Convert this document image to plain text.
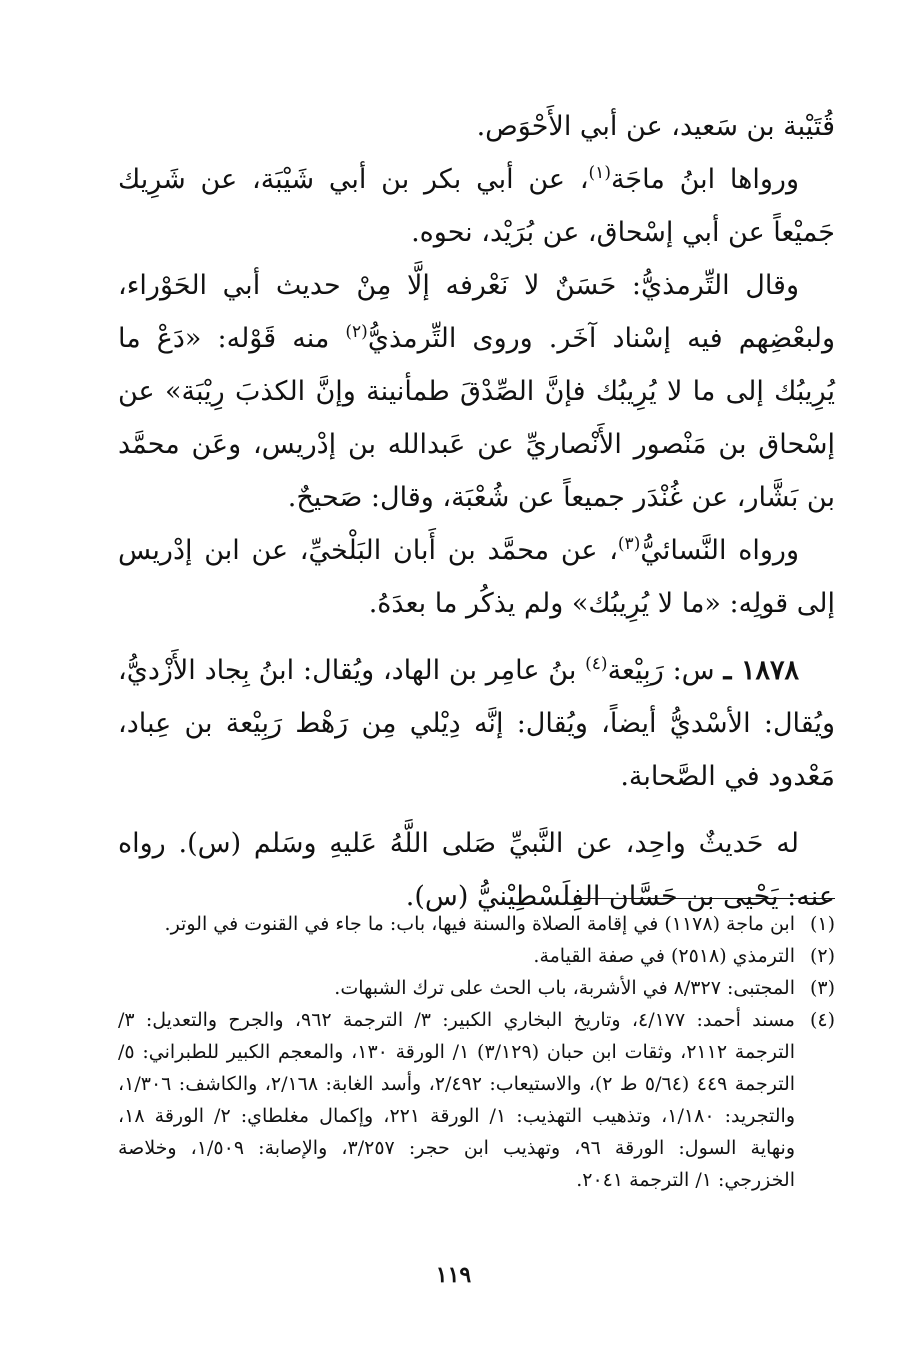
قُتَيْبة بن سَعيد، عن أبي الأَحْوَص.

ورواها ابنُ ماجَة$^{(١)}$، عن أبي بكر بن أبي شَيْبَة، عن شَرِيك جَميْعاً عن أبي إسْحاق، عن بُرَيْد، نحوه.

وقال التِّرمذيُّ: حَسَنٌ لا نَعْرفه إلَّا مِنْ حديث أبي الحَوْراء، ولبعْضِهم فيه إسْناد آخَر. وروى التِّرمذيُّ$^{(٢)}$ منه قَوْله: «دَعْ ما يُرِيبُك إلى ما لا يُرِيبُك فإنَّ الصِّدْقَ طمأنينة وإنَّ الكذبَ رِيْبَة» عن إسْحاق بن مَنْصور الأَنْصاريِّ عن عَبدالله بن إدْريس، وعَن محمَّد بن بَشَّار، عن غُنْدَر جميعاً عن شُعْبَة، وقال: صَحيحٌ.

ورواه النَّسائيُّ$^{(٣)}$، عن محمَّد بن أَبان البَلْخيِّ، عن ابن إدْريس إلى قولِه: «ما لا يُرِيبُك» ولم يذكُر ما بعدَهُ.

١٨٧٨ ـ س: رَبِيْعة$^{(٤)}$ بنُ عامِر بن الهاد، ويُقال: ابنُ بِجاد الأَزْديُّ، ويُقال: الأسْديُّ أيضاً، ويُقال: إنَّه دِيْلي مِن رَهْط رَبِيْعة بن عِباد، مَعْدود في الصَّحابة.

له حَديثٌ واحِد، عن النَّبيِّ صَلى اللَّهُ عَليهِ وسَلم (س). رواه عنه: يَحْيى بن حَسَّان الفِلَسْطِيْنيُّ (س).

(١)
ابن ماجة (١١٧٨) في إقامة الصلاة والسنة فيها، باب: ما جاء في القنوت في الوتر.

(٢)
الترمذي (٢٥١٨) في صفة القيامة.

(٣)
المجتبى: ٨/٣٢٧ في الأشربة، باب الحث على ترك الشبهات.

(٤)
مسند أحمد: ٤/١٧٧، وتاريخ البخاري الكبير: ٣/ الترجمة ٩٦٢، والجرح والتعديل: ٣/ الترجمة ٢١١٢، وثقات ابن حبان (٣/١٢٩) ١/ الورقة ١٣٠، والمعجم الكبير للطبراني: ٥/ الترجمة ٤٤٩ (٥/٦٤ ط ٢)، والاستيعاب: ٢/٤٩٢، وأسد الغابة: ٢/١٦٨، والكاشف: ١/٣٠٦، والتجريد: ١/١٨٠، وتذهيب التهذيب: ١/ الورقة ٢٢١، وإكمال مغلطاي: ٢/ الورقة ١٨، ونهاية السول: الورقة ٩٦، وتهذيب ابن حجر: ٣/٢٥٧، والإصابة: ١/٥٠٩، وخلاصة الخزرجي: ١/ الترجمة ٢٠٤١.

١١٩
